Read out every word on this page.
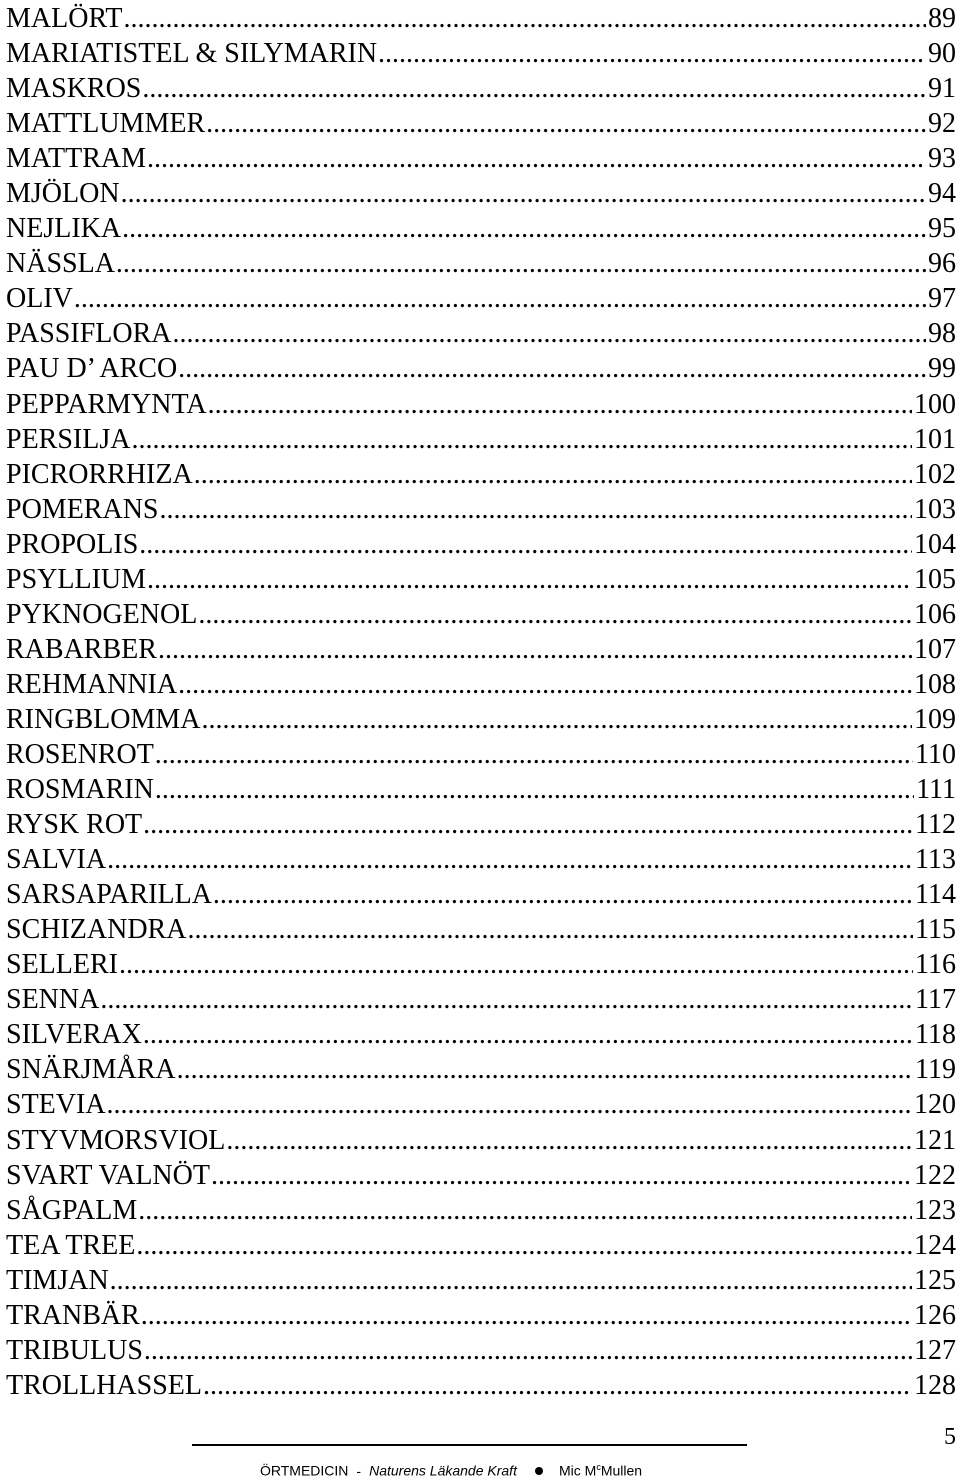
MALÖRT .....	89
MARIATISTEL & SILYMARIN .....	90
MASKROS .....	91
MATTLUMMER .....	92
MATTRAM .....	93
MJÖLON .....	94
NEJLIKA .....	95
NÄSSLA .....	96
OLIV .....	97
PASSIFLORA .....	98
PAU D’ ARCO .....	99
PEPPARMYNTA .....	100
PERSILJA .....	101
PICRORRHIZA .....	102
POMERANS .....	103
PROPOLIS .....	104
PSYLLIUM .....	105
PYKNOGENOL .....	106
RABARBER .....	107
REHMANNIA .....	108
RINGBLOMMA .....	109
ROSENROT .....	110
ROSMARIN .....	111
RYSK ROT .....	112
SALVIA .....	113
SARSAPARILLA .....	114
SCHIZANDRA .....	115
SELLERI .....	116
SENNA .....	117
SILVERAX .....	118
SNÄRJMÅRA .....	119
STEVIA .....	120
STYVMORSVIOL .....	121
SVART VALNÖT .....	122
SÅGPALM .....	123
TEA TREE .....	124
TIMJAN .....	125
TRANBÄR .....	126
TRIBULUS .....	127
TROLLHASSEL .....	128
5
ÖRTMEDICIN - Naturens Läkande Kraft	Mic $M^cMullen$
